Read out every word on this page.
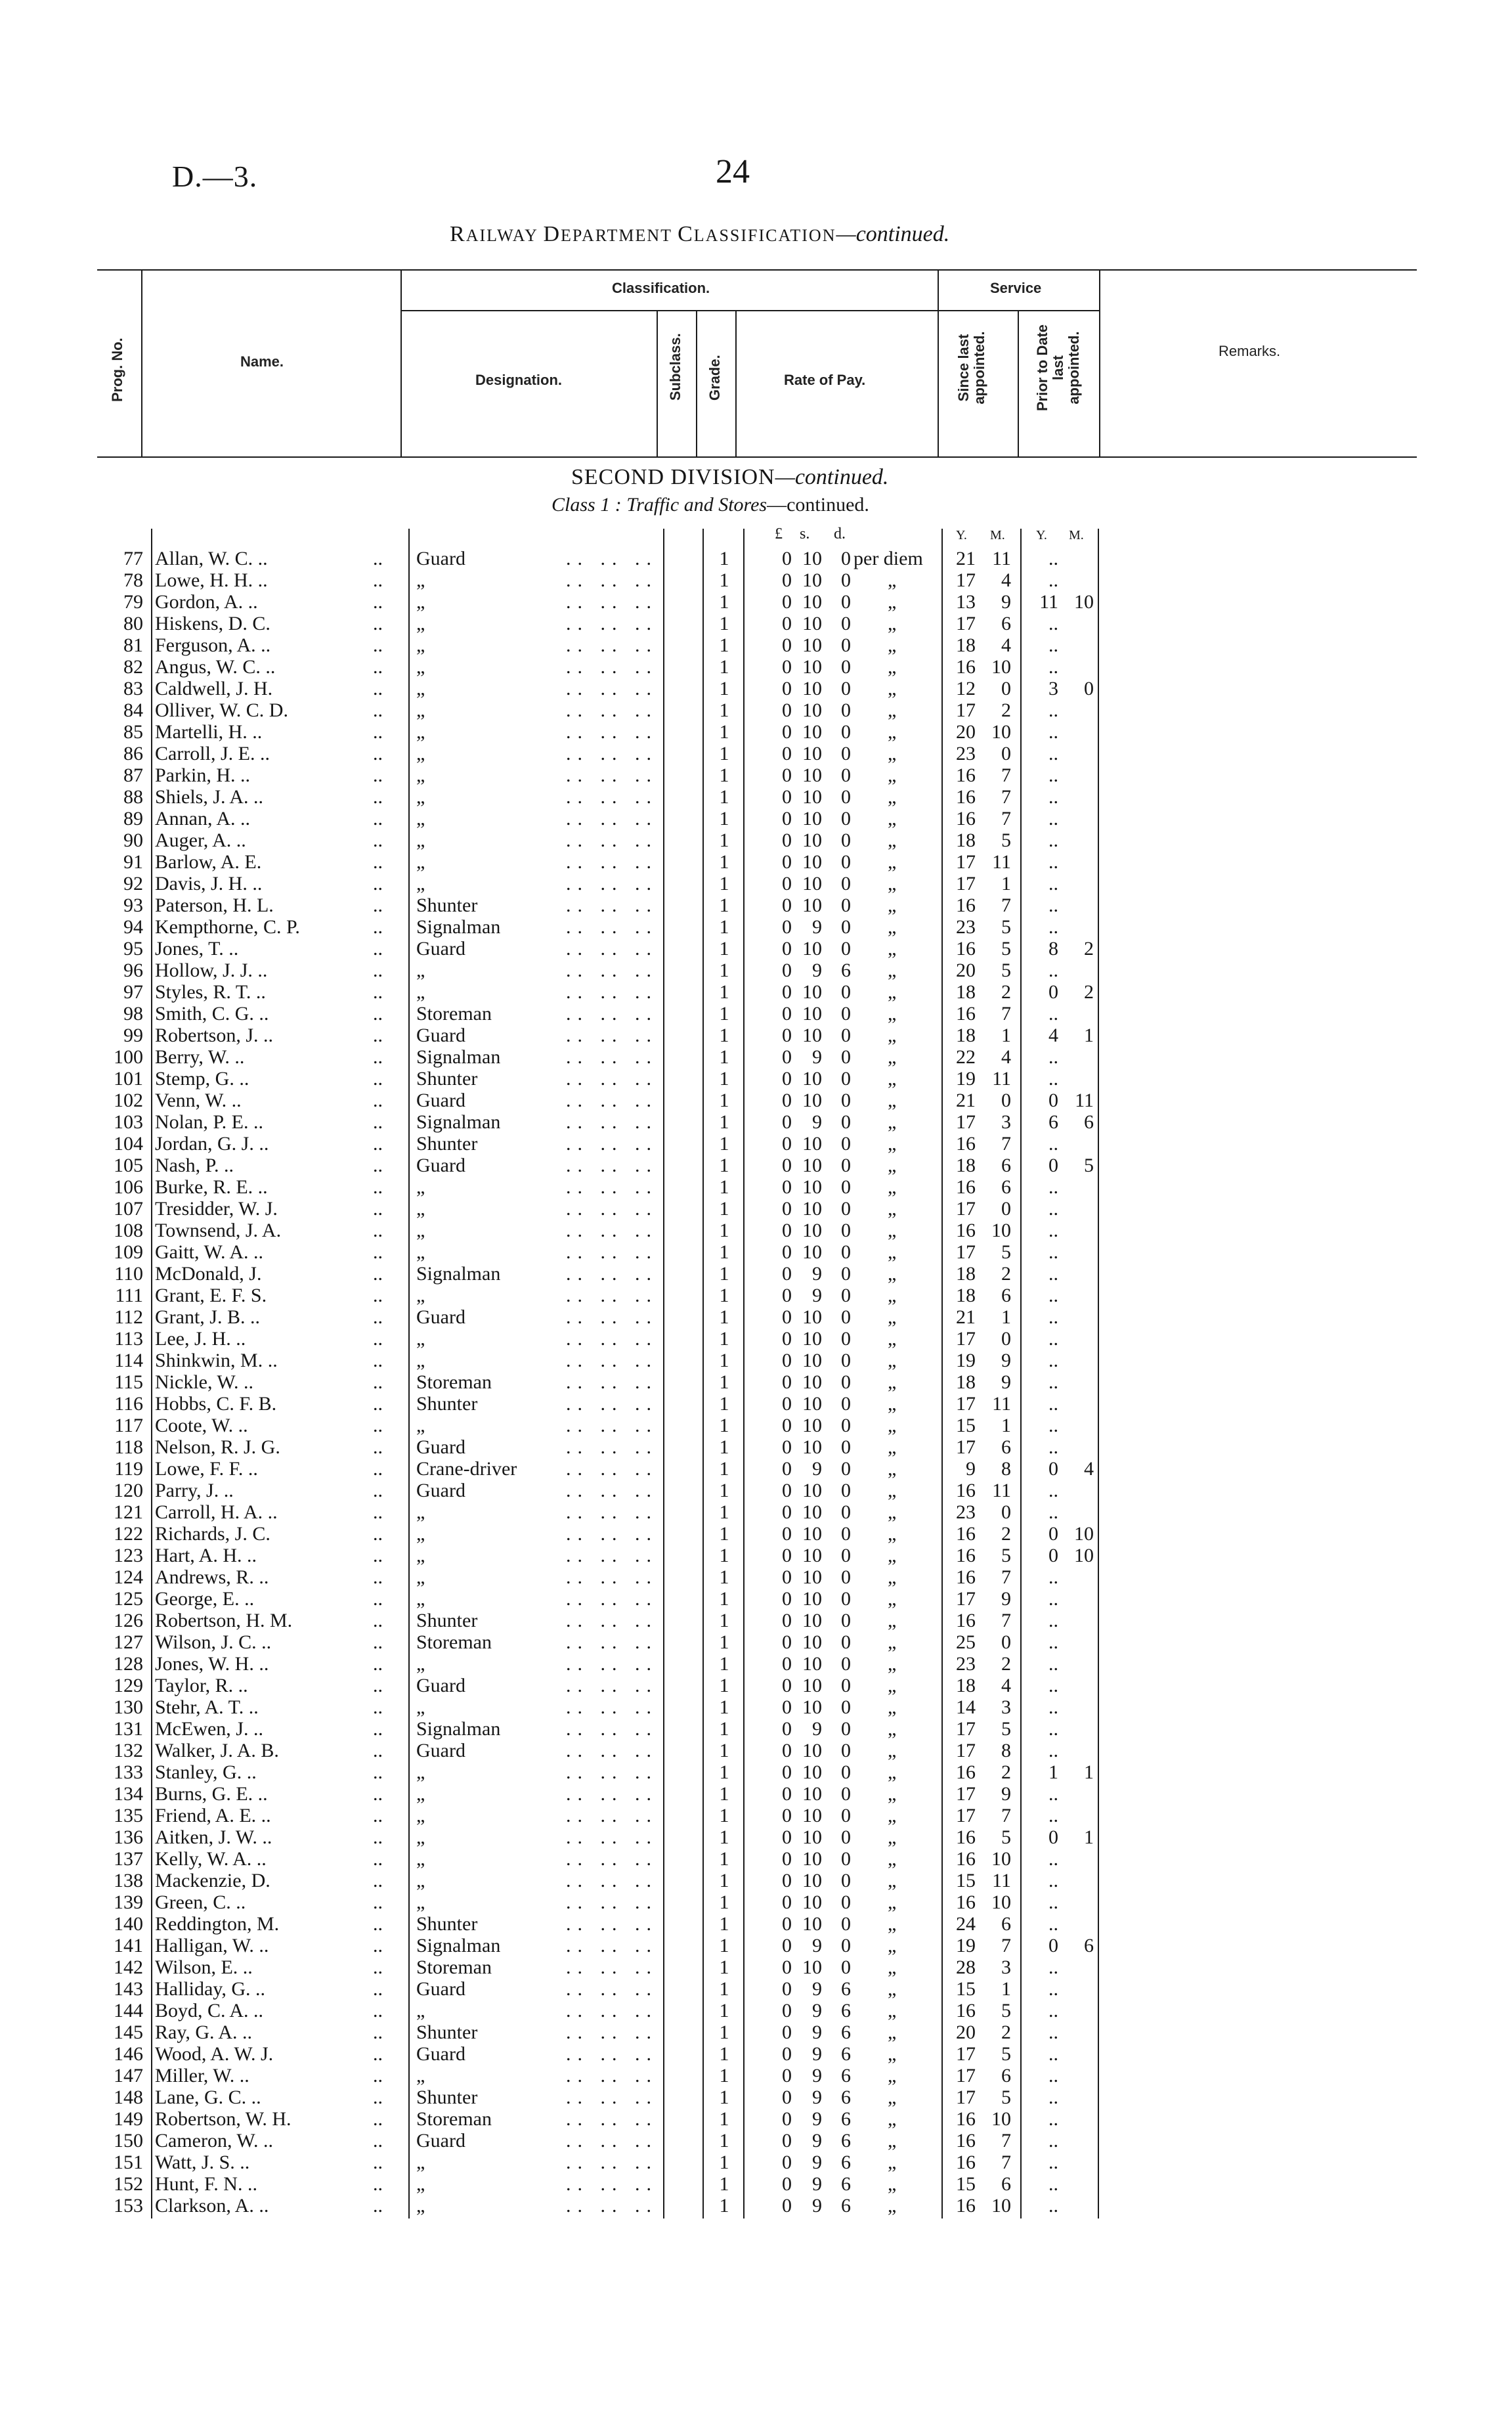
D.—3.	24
RAILWAY DEPARTMENT CLASSIFICATION—continued.
Prog. No.	Name.
Classification.
Designation.	Subclass. Grade.	Rate of Pay.
Service
Since last
appointed.	Prior to Date
last
appointed.	Remarks.
SECOND DIVISION—continued.
Class 1 : Traffic and Stores—continued.
£ s. d.	Y. M. Y. M.
77 Allan, W. C. ..	.. Guard	.. .. ..	1	0 10 0 per diem	21 11	..
78 Lowe, H. H. ..	.. „	.. .. ..	1	0 10 0 „	17	4	..
79 Gordon, A. ..	.. „	.. .. ..	1	0 10 0 „	13	9	11 10
80 Hiskens, D. C.	.. „	.. .. ..	1	0 10 0 „	17	6	..
81 Ferguson, A. ..	.. „	.. .. ..	1	0 10 0 „	18	4	..
82 Angus, W. C. ..	.. „	.. .. ..	1	0 10 0 „	16 10	..
83 Caldwell, J. H.	.. „	.. .. ..	1	0 10 0 „	12	0	3	0
84 Olliver, W. C. D.	.. „	.. .. ..	1	0 10 0 „	17	2	..
85 Martelli, H. ..	.. „	.. .. ..	1	0 10 0 „	20 10	..
86 Carroll, J. E. ..	.. „	.. .. ..	1	0 10 0 „	23	0	..
87 Parkin, H. ..	.. „	.. .. ..	1	0 10 0 „	16	7	..
88 Shiels, J. A. ..	.. „	.. .. ..	1	0 10 0 „	16	7	..
89 Annan, A. ..	.. „	.. .. ..	1	0 10 0 „	16	7	..
90 Auger, A. ..	.. „	.. .. ..	1	0 10 0 „	18	5	..
91 Barlow, A. E.	.. „	.. .. ..	1	0 10 0 „	17 11	..
92 Davis, J. H. ..	.. „	.. .. ..	1	0 10 0 „	17	1	..
93 Paterson, H. L.	.. Shunter	.. .. ..	1	0 10 0 „	16	7	..
94 Kempthorne, C. P.	.. Signalman	.. .. ..	1	0	9 0 „	23	5	..
95 Jones, T. ..	.. Guard	.. .. ..	1	0 10 0 „	16	5	8	2
96 Hollow, J. J. ..	.. „	.. .. ..	1	0	9 6 „	20	5	..
97 Styles, R. T. ..	.. „	.. .. ..	1	0 10 0 „	18	2	0	2
98 Smith, C. G. ..	.. Storeman	.. .. ..	1	0 10 0 „	16	7	..
99 Robertson, J. ..	.. Guard	.. .. ..	1	0 10 0 „	18	1	4	1
100 Berry, W. ..	.. Signalman	.. .. ..	1	0	9 0 „	22	4	..
101 Stemp, G. ..	.. Shunter	.. .. ..	1	0 10 0 „	19 11	..
102 Venn, W. ..	.. Guard	.. .. ..	1	0 10 0 „	21	0	0 11
103 Nolan, P. E. ..	.. Signalman	.. .. ..	1	0	9 0 „	17	3	6	6
104 Jordan, G. J. ..	.. Shunter	.. .. ..	1	0 10 0 „	16	7	..
105 Nash, P. ..	.. Guard	.. .. ..	1	0 10 0 „	18	6	0	5
106 Burke, R. E. ..	.. „	.. .. ..	1	0 10 0 „	16	6	..
107 Tresidder, W. J.	.. „	.. .. ..	1	0 10 0 „	17	0	..
108 Townsend, J. A.	.. „	.. .. ..	1	0 10 0 „	16 10	..
109 Gaitt, W. A. ..	.. „	.. .. ..	1	0 10 0 „	17	5	..
110 McDonald, J.	.. Signalman	.. .. ..	1	0	9 0 „	18	2	..
111 Grant, E. F. S.	.. „	.. .. ..	1	0	9 0 „	18	6	..
112 Grant, J. B. ..	.. Guard	.. .. ..	1	0 10 0 „	21	1	..
113 Lee, J. H. ..	.. „	.. .. ..	1	0 10 0 „	17	0	..
114 Shinkwin, M. ..	.. „	.. .. ..	1	0 10 0 „	19	9	..
115 Nickle, W. ..	.. Storeman	.. .. ..	1	0 10 0 „	18	9	..
116 Hobbs, C. F. B.	.. Shunter	.. .. ..	1	0 10 0 „	17 11	..
117 Coote, W. ..	.. „	.. .. ..	1	0 10 0 „	15	1	..
118 Nelson, R. J. G.	.. Guard	.. .. ..	1	0 10 0 „	17	6	..
119 Lowe, F. F. ..	.. Crane-driver .. .. ..	1	0	9 0 „	9	8	0	4
120 Parry, J. ..	.. Guard	.. .. ..	1	0 10 0 „	16 11	..
121 Carroll, H. A. ..	.. „	.. .. ..	1	0 10 0 „	23	0	..
122 Richards, J. C.	.. „	.. .. ..	1	0 10 0 „	16	2	0 10
123 Hart, A. H. ..	.. „	.. .. ..	1	0 10 0 „	16	5	0 10
124 Andrews, R. ..	.. „	.. .. ..	1	0 10 0 „	16	7	..
125 George, E. ..	.. „	.. .. ..	1	0 10 0 „	17	9	..
126 Robertson, H. M.	.. Shunter	.. .. ..	1	0 10 0 „	16	7	..
127 Wilson, J. C. ..	.. Storeman	.. .. ..	1	0 10 0 „	25	0	..
128 Jones, W. H. ..	.. „	.. .. ..	1	0 10 0 „	23	2	..
129 Taylor, R. ..	.. Guard	.. .. ..	1	0 10 0 „	18	4	..
130 Stehr, A. T. ..	.. „	.. .. ..	1	0 10 0 „	14	3	..
131 McEwen, J. ..	.. Signalman	.. .. ..	1	0	9 0 „	17	5	..
132 Walker, J. A. B.	.. Guard	.. .. ..	1	0 10 0 „	17	8	..
133 Stanley, G. ..	.. „	.. .. ..	1	0 10 0 „	16	2	1	1
134 Burns, G. E. ..	.. „	.. .. ..	1	0 10 0 „	17	9	..
135 Friend, A. E. ..	.. „	.. .. ..	1	0 10 0 „	17	7	..
136 Aitken, J. W. ..	.. „	.. .. ..	1	0 10 0 „	16	5	0	1
137 Kelly, W. A. ..	.. „	.. .. ..	1	0 10 0 „	16 10	..
138 Mackenzie, D.	.. „	.. .. ..	1	0 10 0 „	15 11	..
139 Green, C. ..	.. „	.. .. ..	1	0 10 0 „	16 10	..
140 Reddington, M.	.. Shunter	.. .. ..	1	0 10 0 „	24	6	..
141 Halligan, W. ..	.. Signalman	.. .. ..	1	0	9 0 „	19	7	0	6
142 Wilson, E. ..	.. Storeman	.. .. ..	1	0 10 0 „	28	3	..
143 Halliday, G. ..	.. Guard	.. .. ..	1	0	9 6 „	15	1	..
144 Boyd, C. A. ..	.. „	.. .. ..	1	0	9 6 „	16	5	..
145 Ray, G. A. ..	.. Shunter	.. .. ..	1	0	9 6 „	20	2	..
146 Wood, A. W. J.	.. Guard	.. .. ..	1	0	9 6 „	17	5	..
147 Miller, W. ..	.. „	.. .. ..	1	0	9 6 „	17	6	..
148 Lane, G. C. ..	.. Shunter	.. .. ..	1	0	9 6 „	17	5	..
149 Robertson, W. H.	.. Storeman	.. .. ..	1	0	9 6 „	16 10	..
150 Cameron, W. ..	.. Guard	.. .. ..	1	0	9 6 „	16	7	..
151 Watt, J. S. ..	.. „	.. .. ..	1	0	9 6 „	16	7	..
152 Hunt, F. N. ..	.. „	.. .. ..	1	0	9 6 „	15	6	..
153 Clarkson, A. ..	.. „	.. .. ..	1	0	9 6 „	16 10	..
